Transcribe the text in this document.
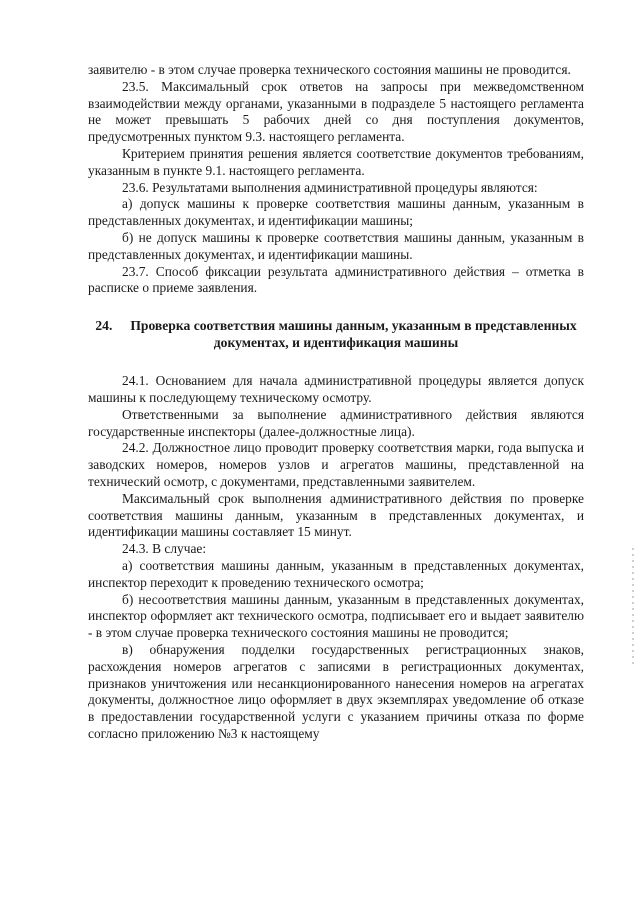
заявителю - в этом случае проверка технического состояния машины не проводится.

23.5. Максимальный срок ответов на запросы при межведомственном взаимодействии между органами, указанными в подразделе 5 настоящего регламента не может превышать 5 рабочих дней со дня поступления документов, предусмотренных пунктом 9.3. настоящего регламента.

Критерием принятия решения является соответствие документов требованиям, указанным в пункте 9.1. настоящего регламента.

23.6. Результатами выполнения административной процедуры являются:

а) допуск машины к проверке соответствия машины данным, указанным в представленных документах, и идентификации машины;

б) не допуск машины к проверке соответствия машины данным, указанным в представленных документах, и идентификации машины.

23.7. Способ фиксации результата административного действия – отметка в расписке о приеме заявления.

24. Проверка соответствия машины данным, указанным в представленных документах, и идентификация машины

24.1. Основанием для начала административной процедуры является допуск машины к последующему техническому осмотру.

Ответственными за выполнение административного действия являются государственные инспекторы (далее-должностные лица).

24.2. Должностное лицо проводит проверку соответствия марки, года выпуска и заводских номеров, номеров узлов и агрегатов машины, представленной на технический осмотр, с документами, представленными заявителем.

Максимальный срок выполнения административного действия по проверке соответствия машины данным, указанным в представленных документах, и идентификации машины составляет 15 минут.

24.3. В случае:

а) соответствия машины данным, указанным в представленных документах, инспектор переходит к проведению технического осмотра;

б) несоответствия машины данным, указанным в представленных документах, инспектор оформляет акт технического осмотра, подписывает его и выдает заявителю - в этом случае проверка технического состояния машины не проводится;

в) обнаружения подделки государственных регистрационных знаков, расхождения номеров агрегатов с записями в регистрационных документах, признаков уничтожения или несанкционированного нанесения номеров на агрегатах документы, должностное лицо оформляет в двух экземплярах уведомление об отказе в предоставлении государственной услуги с указанием причины отказа по форме согласно приложению №3 к настоящему
